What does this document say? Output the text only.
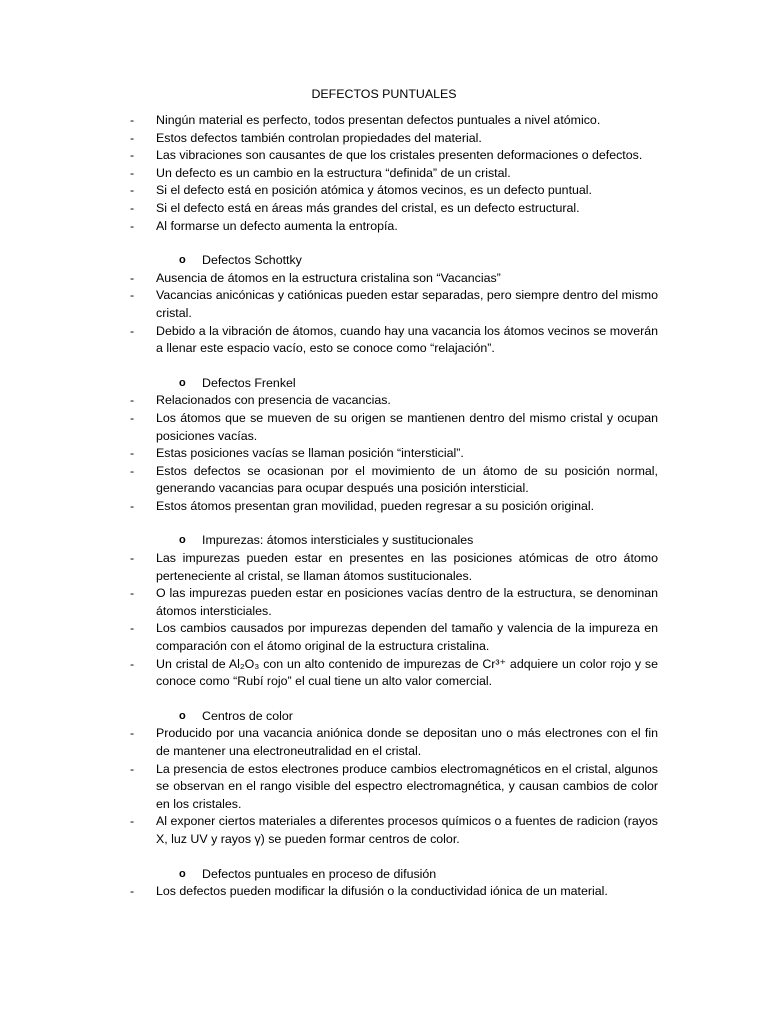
DEFECTOS PUNTUALES
- Ningún material es perfecto, todos presentan defectos puntuales a nivel atómico.
- Estos defectos también controlan propiedades del material.
- Las vibraciones son causantes de que los cristales presenten deformaciones o defectos.
- Un defecto es un cambio en la estructura “definida” de un cristal.
- Si el defecto está en posición atómica y átomos vecinos, es un defecto puntual.
- Si el defecto está en áreas más grandes del cristal, es un defecto estructural.
- Al formarse un defecto aumenta la entropía.
o Defectos Schottky
- Ausencia de átomos en la estructura cristalina son “Vacancias”
- Vacancias anicónicas y catiónicas pueden estar separadas, pero siempre dentro del mismo cristal.
- Debido a la vibración de átomos, cuando hay una vacancia los átomos vecinos se moverán a llenar este espacio vacío, esto se conoce como “relajación”.
o Defectos Frenkel
- Relacionados con presencia de vacancias.
- Los átomos que se mueven de su origen se mantienen dentro del mismo cristal y ocupan posiciones vacías.
- Estas posiciones vacías se llaman posición “intersticial”.
- Estos defectos se ocasionan por el movimiento de un átomo de su posición normal, generando vacancias para ocupar después una posición intersticial.
- Estos átomos presentan gran movilidad, pueden regresar a su posición original.
o Impurezas: átomos intersticiales y sustitucionales
- Las impurezas pueden estar en presentes en las posiciones atómicas de otro átomo perteneciente al cristal, se llaman átomos sustitucionales.
- O las impurezas pueden estar en posiciones vacías dentro de la estructura, se denominan átomos intersticiales.
- Los cambios causados por impurezas dependen del tamaño y valencia de la impureza en comparación con el átomo original de la estructura cristalina.
- Un cristal de Al₂O₃ con un alto contenido de impurezas de Cr³⁺ adquiere un color rojo y se conoce como “Rubí rojo” el cual tiene un alto valor comercial.
o Centros de color
- Producido por una vacancia aniónica donde se depositan uno o más electrones con el fin de mantener una electroneutralidad en el cristal.
- La presencia de estos electrones produce cambios electromagnéticos en el cristal, algunos se observan en el rango visible del espectro electromagnética, y causan cambios de color en los cristales.
- Al exponer ciertos materiales a diferentes procesos químicos o a fuentes de radicion (rayos X, luz UV y rayos γ) se pueden formar centros de color.
o Defectos puntuales en proceso de difusión
- Los defectos pueden modificar la difusión o la conductividad iónica de un material.
